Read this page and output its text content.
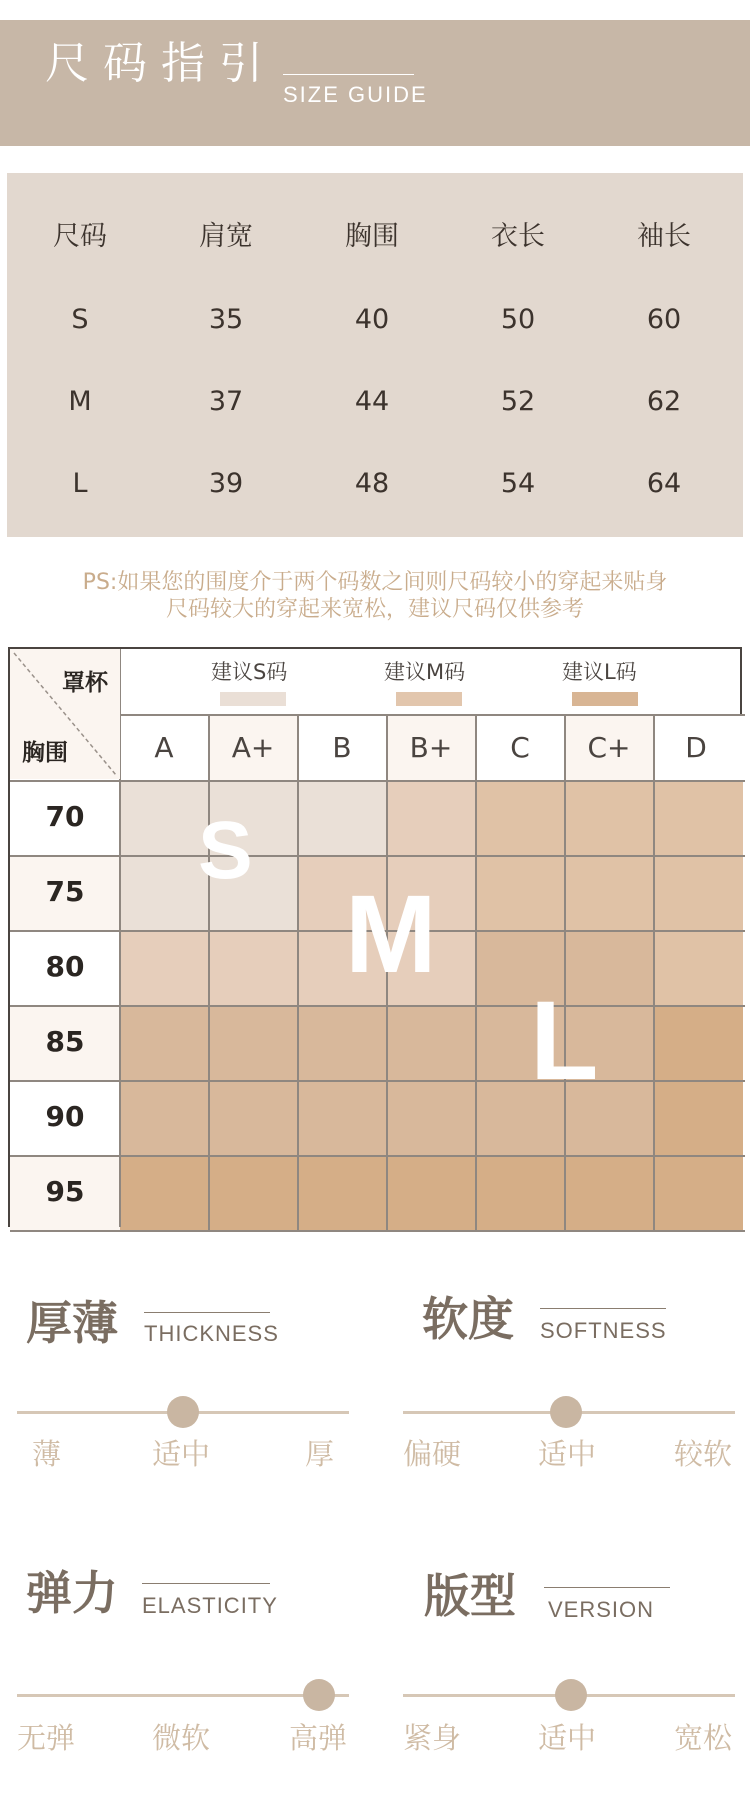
尺码指引
SIZE GUIDE
尺码	肩宽	胸围	衣长	袖长
S	35	40	50	60
M	37	44	52	62
L	39	48	54	64
PS:如果您的围度介于两个码数之间则尺码较小的穿起来贴身
尺码较大的穿起来宽松，建议尺码仅供参考
罩杯
胸围
建议S码	建议M码	建议L码
A	A+	B	B+	C	C+	D
70
75
80
85
90
95
S
M
L
厚薄 THICKNESS
薄	适中	厚
软度 SOFTNESS
偏硬	适中	较软
弹力 ELASTICITY
无弹	微软	高弹
版型 VERSION
紧身	适中	宽松
